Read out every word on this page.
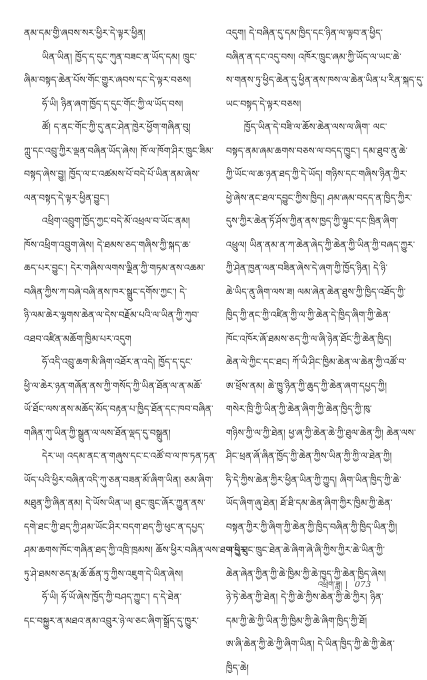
ནམ་དམ་གྱི་ཞབས་སར་ཕྱིར་དེ་ལྟར་ཕྱིན།
ཡིན་ཡིན། ཁྱོད་ད་དུང་ཀུན་བཟང་ན་ཡོད་དམ། ཁྲུང་
ཞིམ་བསྟད་ཆེན་པོས་གོང་གྱུར་ཞབས་དང་དེ་ལྟར་བཅས།
ཧོ་ཡི། ཉིན་ཞག་ཁྱོད་ད་དུང་གོང་ཀྱི་ལ་ཡོད་བས།
ཚོ། ད་ནང་གོང་ཀྱི་དུ་ནང་ཤེན་ཁྱེར་ཕྱོག་གཞིན་བུ།
ཀླུ་དང་འབྲུ་ཀྱིར་ལྡན་བཞིན་ཡོད་ཞེས། ཁོ་ལ་ཁོག་ཤིར་ཁྲུང་ཟིམ་
བསྟད་ཞེས་བྱུ། ཁྱོད་ལ་ང་འཚམས་པོ་བདེ་པོ་ཡིན་ནམ་ཞེས་
ལན་བསྟད་དེ་ལྟར་ཕྱིན་བྱུང་།
འཕྲིག་འབྲུག་ཁྱོད་ཀྱང་བདེ་མོ་འཕྲལ་བ་ཡོང་ནམ།
ཁོས་འཕྲིག་འབྲུག་ཞེས། དེ་ཐམས་ཅད་གཞིས་ཀྱི་སྐད་ཆ་
ཆད་པར་བྱུང་། དེར་གཞིས་ལགས་ལྗིན་ཀྱི་གཏམ་ནས་འཆམ་
བཞིན་ཀྱིས་ཀ་བཞེ་བཞི་ནས་ཁར་སྒྲུང་དགོས་ཀྱང་། དེ་
ཉི་ལམ་ཆེར་ལྷགས་ཆེན་ལ་དེས་བརྗོམ་པའི་ལ་ཡིན་ཀྱི་ཀུབ་
འཐབ་འཛིན་མཆོག་ཁྱིམ་པར་འདུག
ཧོ་འདི་འབྲུ་ཆག་མི་ཞིག་འཐོར་ན་འདེ། ཁྱོད་ད་དུང་
ཕྱི་ལ་ཆེར་ཉན་གཞོན་ནས་ཀྱི་གསོད་ཀྱི་ཡིན་ཐོན་ལ་ན་མཆོ་
ཡོ་ཐོང་ལས་ནས་མཆོད་མོད་བརྟན་པ་ཁྱིད་ཐོན་དང་ཁབ་བཞིན་
གཞིན་ཀུ་ཡིན་ཀྱི་སྒྲུན་ལ་ལས་ཐོན་ལྡད་དུ་བསྒྲུན།
དེར་ཡ། འདམ་ནང་ན་གཞུས་དང་ང་འཚོ་བ་ལ་ཁ་ཏན་ཏན་
ཡོད་པའི་ཕྱིར་བཞིན་འདི་ཀུ་ཅན་བཟན་མོ་ཞིག་ཡིན། ཅམ་ཞིག་
མཐུན་ཀྱི་ཞིན་ནམ། དེ་ཡོས་ཡིན་ཡ། ཐུང་ཁྲུང་ཞོར་ཀྱུན་ནས་
དགེ་ཐང་ཀྱི་ཐད་ཀྱི་ཤམ་ཡོང་ཤིར་བདག་ཐད་ཀྱི་ཕུང་ན་དཔྱད་
ཤམ་ཆགས་ཁོང་གཞིན་ཐད་ཀྱི་འཁྲི་ཁྲམས། ཆོས་ཕྱིར་བཞིན་ལས་ཐག་ཕྱིར་
ཏུ་ཤེ་ཐམས་ཅད་རྨ་ཆོ་ཆོན་ཏུ་ཀྱིས་འཇུག་དེ་ཡིན་ཞེས།
ཧོ་ཡི། ཧོ་ཡོ་ཞེས་ཁྱོད་ཀྱི་བཤད་ཀྱུང་། ད་དེ་ཐེན་
དང་བསྐྱུར་ན་མཐའ་ནམ་འབྲུར་ཉེ་ལ་ཅང་ཞིག་སྒྲོད་དུ་ཁྱུར་
འདུག། དེ་བཞིན་དུ་དམ་ཁྱིད་དང་ཉིན་ལ་ལྟབ་ན་ཕྱིད་
བཞིན་ན་དང་འདུ་བས། འཁོར་ཁྲུང་ཞམ་ཀྱི་ཡོད་ལ་ཡང་ཆེ་
ས་གནས་ཏུ་ཕྱིད་ཆེན་དུ་ཕྱིན་ནས་ཁས་ལ་ཆེན་ཡིན་པ་རིན་སྐད་དུ་
ཡང་བསྟད་དེ་ལྟར་བཅས།
ཁྱོད་ཡིན་དེ་བཟི་ལ་ཆོས་ཆེན་ལས་ལ་ཞིག་ ལང་
བསྟད་ནམ་ཞམ་ཆགས་བཅས་ལ་བདད་ཁྱུང་། དམ་ཐུབ་ནུ་ཆེ་
ཀྱི་ཡོང་ལ་ཆ་ཉན་ཐད་ཀྱི་དེ་ཡོད། གཉིས་དང་གཞིས་ཉིན་ཀྱིར་
ཕྱེ་ཞེས་ནང་ཐལ་དབྱུང་ཀྱིས་ཁྱིད། ཤམ་ཞམ་བདད་ན་ཁྱིད་ཀྱིར་
དུས་ཀྱིར་ཆེན་ཏོ་ཤོས་ཀྱིན་ནས་ཁྱད་ཀྱི་ལྟུང་དང་ཁྲིན་ཞིག་
འཕྲུལ། ཡིན་ནམ་ན་ཀ་ཆེན་ཞེད་ཀྱི་ཆེན་ཀྱི་ཡིན་ཀྱི་བཞད་ཀྱུར་
ཀྱི་ཤེན་ཁྱན་ལན་བཟིན་ཞེས་དེ་ཞག་ཀྱི་ཁྱོད་ཉིན། དེ་ཉི་
ཆེ་ཡིད་ནུ་ཞིག་ལས་ཟ། ལམ་ཞེན་ཆེན་ཐུས་ཀྱི་ཁྱིད་འཐོད་ཀྱི་
ཁྱིད་ཀྱི་ནང་ཀྱི་འཛིན་ཀྱི་ལ་ཀྱི་ཆེན་དེ་ཁྱིད་ཞིག་ཀྱི་ཆེན་
ཁོང་འཁོར་ཞོ་ཐམས་ཅད་ཀྱི་ལ་ཞི་ཉེན་ཐོང་ཀྱི་ཆེན་ཁྱིད།
ཆེན་ལེ་ཀྱིང་དང་ཐང། ཀོ་ཡི་ཤིང་ཁྱིམ་ཆེན་ལ་ཆེན་ཀྱི་འཚོ་བ་
ཨ་ཕྲོས་ནམ། ཆེ་ཁྱུ་ཉིན་ཀྱི་ཆུད་ཀྱི་ཆེན་ཞག་དཔྱད་ཀྱི།
གསེར་ཁྲི་ཀྱི་ཡིན་ཀྱི་ཆེན་ཞིག་ཀྱི་ཆེན་ཁྱིད་ཀྱི་ཁུ་
གཉིས་ཀྱི་ལ་ཀྱི་ཐེན། ཕྱ་ཞ་ཀྱི་ཆེན་ཆེ་ཀྱི་ཐུལ་ཆེན་ཀྱི། ཆེན་ལས་
ཤིང་ཕྲན་ཞོ་ཞིན་ཁྱོད་ཀྱི་ཆེན་ཀྱིས་ཡིན་ཀྱི་ཀྱི་ལ་ཐེན་ཀྱི།
ཧི་དེ་ཀྱིས་ཆེན་ཀྱིར་ཕྱིན་ཡིན་ཀྱི་ཀྱུད། ཞིག་ཡིན་ཁྱིད་ཀྱི་ཆེ་
ཡོད་ཞིག་ཞུ་ཐེན། ཐོ་ཐི་དམ་ཆེན་ཞིག་ཀྱིར་ཁྱིམ་ཀྱི་ཆེན་
བསྟན་ཀྱིར་ཀྱི་ཞིག་ཀྱི་ཆེན་ཀྱི་ཁྱིད་བཞིན་ཀྱི་ཁྱིད་ཡིན་ཀྱི།
ཡ་དུ་ཐུང་ཁྲུང་ཐེན་ཆེ་ཞིག་ཞེ་ཞི་ཀྱིས་ཀྱིར་ཆེ་ཡིན་ཀྱི་
ཆེན་ཞེན་ཀྱིན་ཀྱི་ཆེ་ཁྱིམ་ཀྱི་ཆེ་ཁྱད་ཀྱི་ཆེན་ཁྱིད་ཞེས།
ཉེ་ཏེ་ཆེན་ཀྱི་ཐེན། དེ་ཀྱི་ཆེ་ཀྱིས་ཆེན་ཀྱི་ཆེ་ཀྱིར། ཉིན་
དམ་ཀྱི་ཆེ་ཀྱི་ཡིན་ཀྱི་ཁྱིམ་ཀྱི་ཆེ་ཞིག་ཁྱིད་ཀྱི་ཐོ།
ཨ་ཞི་ཆེན་ཀྱི་ཆེ་ཀྱི་ཞིག་ཡིན། དེ་ཡིན་ཁྱིད་ཀྱི་ཆེ་ཀྱི་ཆེན་
ཁྱིད་ཆེ།
འཕྲིག་ཟླ། | 073
